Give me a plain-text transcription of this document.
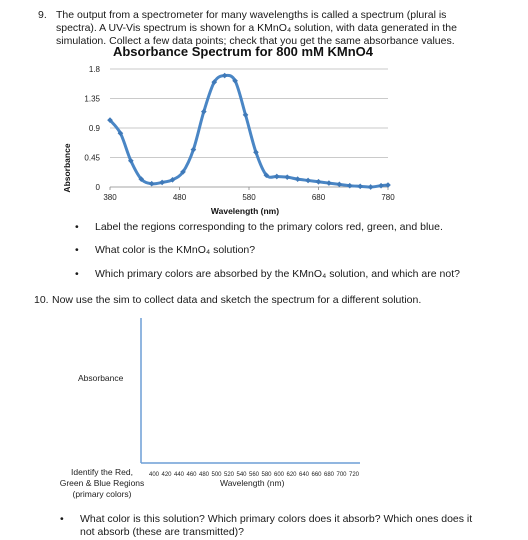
9. The output from a spectrometer for many wavelengths is called a spectrum (plural is
spectra). A UV-Vis spectrum is shown for a KMnO₄ solution, with data generated in the
simulation. Collect a few data points; check that you get the same absorbance values.
Absorbance Spectrum for 800 mM KMnO4
0
0.45
0.9
1.35
1.8
380	480	580	680	780
Absorbance
Wavelength (nm)
• Label the regions corresponding to the primary colors red, green, and blue.
• What color is the KMnO₄ solution?
• Which primary colors are absorbed by the KMnO₄ solution, and which are not?
10. Now use the sim to collect data and sketch the spectrum for a different solution.
400 420 440 460 480 500 520 540 560 580 600 620 640 660 680 700 720
Absorbance
Wavelength (nm)
Identify the Red,
Green & Blue Regions
(primary colors)
• What color is this solution? Which primary colors does it absorb? Which ones does it
not absorb (these are transmitted)?
